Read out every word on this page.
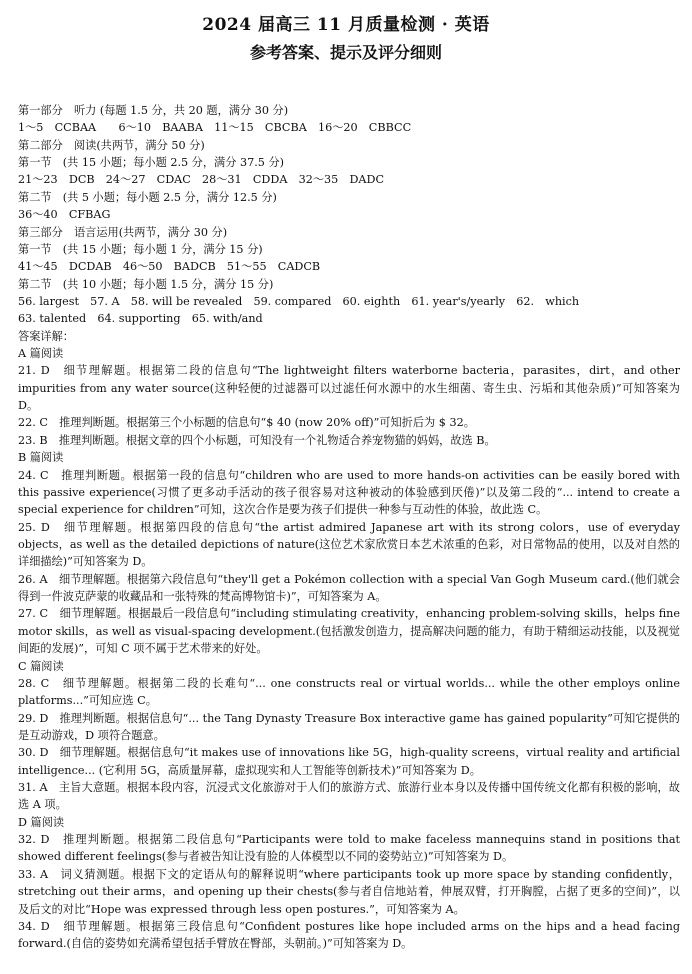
2024 届高三 11 月质量检测 · 英语
参考答案、提示及评分细则
第一部分　听力 (每题 1.5 分，共 20 题，满分 30 分)
1～5　CCBAA　　6～10　BAABA　11～15　CBCBA　16～20　CBBCC
第二部分　阅读(共两节，满分 50 分)
第一节　(共 15 小题；每小题 2.5 分，满分 37.5 分)
21～23　DCB　24～27　CDAC　28～31　CDDA　32～35　DADC
第二节　(共 5 小题；每小题 2.5 分，满分 12.5 分)
36～40　CFBAG
第三部分　语言运用(共两节，满分 30 分)
第一节　(共 15 小题；每小题 1 分，满分 15 分)
41～45　DCDAB　46～50　BADCB　51～55　CADCB
第二节　(共 10 小题；每小题 1.5 分，满分 15 分)
56. largest　57. A　58. will be revealed　59. compared　60. eighth　61. year's/yearly　62.　which
63. talented　64. supporting　65. with/and
答案详解：
A 篇阅读
21. D　细节理解题。根据第二段的信息句“The lightweight filters waterborne bacteria，parasites，dirt，and other impurities from any water source(这种轻便的过滤器可以过滤任何水源中的水生细菌、寄生虫、污垢和其他杂质)”可知答案为 D。
22. C　推理判断题。根据第三个小标题的信息句“$ 40 (now 20% off)”可知折后为 $ 32。
23. B　推理判断题。根据文章的四个小标题，可知没有一个礼物适合养宠物猫的妈妈，故选 B。
B 篇阅读
24. C　推理判断题。根据第一段的信息句“children who are used to more hands-on activities can be easily bored with this passive experience(习惯了更多动手活动的孩子很容易对这种被动的体验感到厌倦)”以及第二段的“... intend to create a special experience for children”可知，这次合作是要为孩子们提供一种参与互动性的体验，故此选 C。
25. D　细节理解题。根据第四段的信息句“the artist admired Japanese art with its strong colors，use of everyday objects，as well as the detailed depictions of nature(这位艺术家欣赏日本艺术浓重的色彩，对日常物品的使用，以及对自然的详细描绘)”可知答案为 D。
26. A　细节理解题。根据第六段信息句“they'll get a Pokémon collection with a special Van Gogh Museum card.(他们就会得到一件波克萨蒙的收藏品和一张特殊的梵高博物馆卡)”，可知答案为 A。
27. C　细节理解题。根据最后一段信息句“including stimulating creativity，enhancing problem-solving skills，helps fine motor skills，as well as visual-spacing development.(包括激发创造力，提高解决问题的能力，有助于精细运动技能，以及视觉间距的发展)”，可知 C 项不属于艺术带来的好处。
C 篇阅读
28. C　细节理解题。根据第二段的长难句“... one constructs real or virtual worlds... while the other employs online platforms...”可知应选 C。
29. D　推理判断题。根据信息句“... the Tang Dynasty Treasure Box interactive game has gained popularity”可知它提供的是互动游戏，D 项符合题意。
30. D　细节理解题。根据信息句“it makes use of innovations like 5G，high-quality screens，virtual reality and artificial intelligence... (它利用 5G，高质量屏幕，虚拟现实和人工智能等创新技术)”可知答案为 D。
31. A　主旨大意题。根据本段内容，沉浸式文化旅游对于人们的旅游方式、旅游行业本身以及传播中国传统文化都有积极的影响，故选 A 项。
D 篇阅读
32. D　推理判断题。根据第二段信息句“Participants were told to make faceless mannequins stand in positions that showed different feelings(参与者被告知让没有脸的人体模型以不同的姿势站立)”可知答案为 D。
33. A　词义猜测题。根据下文的定语从句的解释说明“where participants took up more space by standing confidently，stretching out their arms，and opening up their chests(参与者自信地站着，伸展双臂，打开胸膛，占据了更多的空间)”，以及后文的对比“Hope was expressed through less open postures.”，可知答案为 A。
34. D　细节理解题。根据第三段信息句“Confident postures like hope included arms on the hips and a head facing forward.(自信的姿势如充满希望包括手臂放在臀部，头朝前。)”可知答案为 D。
